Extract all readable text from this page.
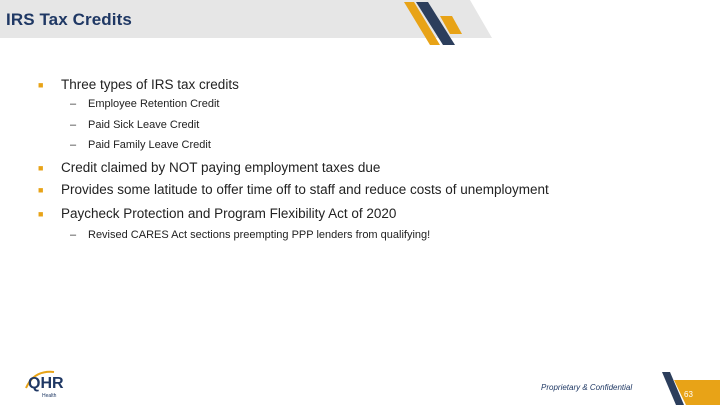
IRS Tax Credits
■ Three types of IRS tax credits
– Employee Retention Credit
– Paid Sick Leave Credit
– Paid Family Leave Credit
■ Credit claimed by NOT paying employment taxes due
■ Provides some latitude to offer time off to staff and reduce costs of unemployment
■ Paycheck Protection and Program Flexibility Act of 2020
– Revised CARES Act sections preempting PPP lenders from qualifying!
QHR
Health
Proprietary & Confidential
63
